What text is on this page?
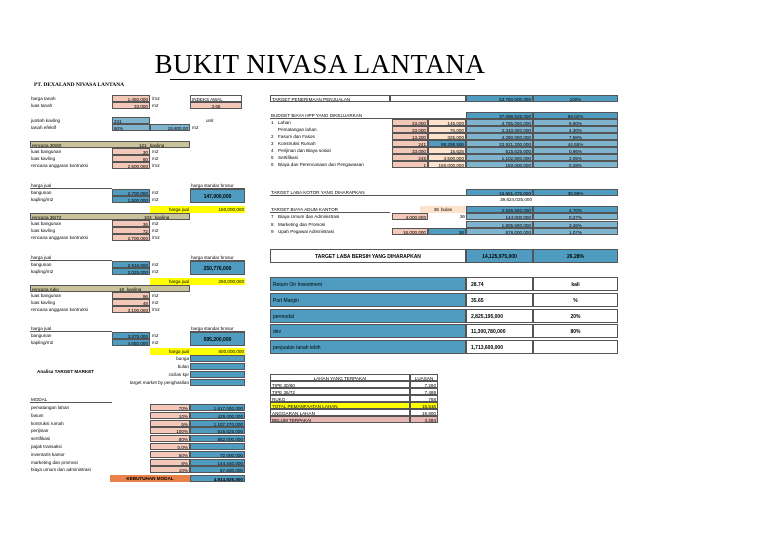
BUKIT NIVASA LANTANA
PT. DEXALAND NIVASA LANTANA
harga tanah	1,450,000 /m2	INDEKS AWAL
luas tanah	33,000 m2	3.65
jumlah kavling	241	unit
tanah efektif	60%	19,800.00 m2
rencana 30/60	121 kavling
luas bangunan	30 m2
luas kavling	60 m2
rencana anggaran kontruksi	2,500,000 /m2
harga jual	harga standar brosur
bangunan	2,700,000 m2
kapling/m2	1,500,000 m2	147,000,000
harga jual	150,000,000
rencana 36/72	104 kavling
luas bangunan	36 m2
luas kavling	72 m2
rencana anggaran kontruksi	2,700,000 /m2
harga jual	harga standar brosur
bangunan	2,916,000 m2
kapling/m2	2,025,000 m2	250,776,000
harga jual	250,000,000
rencana ruko	16 kavling
luas bangunan	96 m2
luas kavling	48 m2
rencana anggaran kontruksi	3,100,000 /m2
harga jual	harga standar brosur
bangunan	3,875,000 m2
kapling/m2	4,650,000 m2	595,200,000
harga jual	600,000,000
bunga
bulan
Analisa TARGET MARKET
cicilan kpr
target market by penghasilan
MODAL
KEBUTUHAN MODAL	4,914,935,000
TARGET PENERIMAAN PENJUALAN	53,750,000,000	100%
BUDGET BIAYA HPP YANG DIKELUARKAN	37,098,525,000	69.02%
TARGET LABA KOTOR YANG DIHARAPKAN	16,651,475,000	30.98%
39,624,025,000
TARGET BIAYA ADUM KANTOR	36 bulan	2,525,500,000	4.70%
TARGET LABA BERSIH YANG DIHARAPKAN	14,125,975,000	26.28%
LAHAN YANG TERPAKAI	LUASAN
pematangan lahan	70%	1,617,000,000
fasum	10%	429,000,000
kontruksi rumah	5%	1,107,270,000
perijinan	100%	515,625,000
sertifikasi	80%	882,000,000
pajak transaksi	0.0%
inventaris kantor	50%	72,000,000
marketing dan promosi	8%	144,440,000
biaya umum dan administrasi	10%	57,600,000
1 Lahan	33,000	145,000	4,785,000,000	8.90%
Pematangan lahan	33,000	70,000	2,310,000,000	4.30%
2 Fasum dan Fasos	13,200	325,000	4,290,000,000	7.98%
3 Konstruksi Rumah	241	99,258,506	23,921,300,000	44.55%
4 Perijinan dan Biaya sosial	33,000	15,625	515,625,000	0.96%
5 Sertifikasi	245	4,500,000	1,102,500,000	2.05%
6 Biaya dan Perencanaan dan Pengawasan	1	150,000,000	150,000,000	0.28%
7 Biaya Umum dan Administrasi	4,000,000	36	144,000,000	0.27%
8 Marketing dan Promosi	1,805,500,000	3.36%
9 Upah Pegawai Administrasi	16,000,000	36	576,000,000	1.07%
Return On Investment	28.74	kali
Port Margin	35.65	%
permodal	2,825,195,000	20%
dev	11,300,780,000	80%
penjualan tanah lebih	1,713,600,000
TIPE 30/60	7,260
TIPE 36/72	7,488
RUKO	768
TOTAL PEMANFAATAN LAHAN	15,516
ANGGARAN LAHAN	19,800
BELUM TERPAKAI	4,284
